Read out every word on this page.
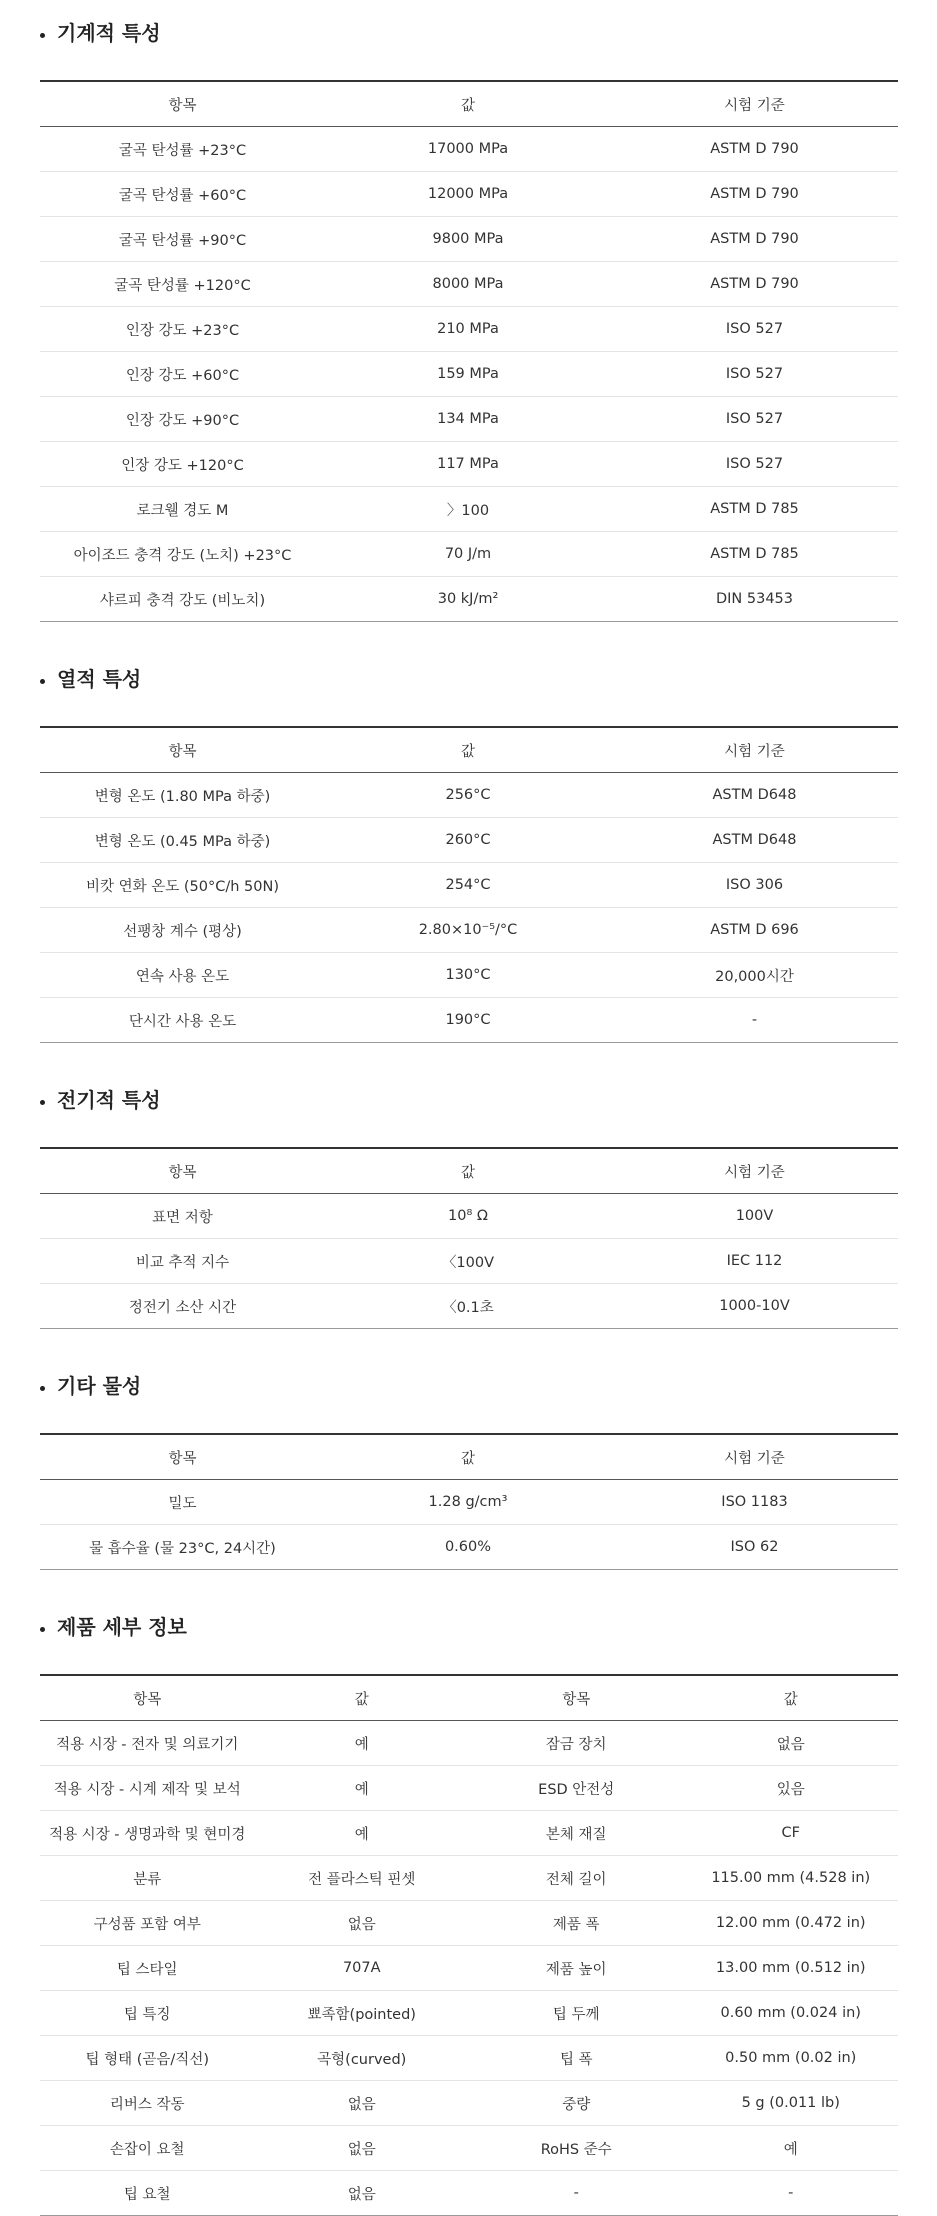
기계적 특성
항목	값	시험 기준
굴곡 탄성률 +23°C	17000 MPa	ASTM D 790
굴곡 탄성률 +60°C	12000 MPa	ASTM D 790
굴곡 탄성률 +90°C	9800 MPa	ASTM D 790
굴곡 탄성률 +120°C	8000 MPa	ASTM D 790
인장 강도 +23°C	210 MPa	ISO 527
인장 강도 +60°C	159 MPa	ISO 527
인장 강도 +90°C	134 MPa	ISO 527
인장 강도 +120°C	117 MPa	ISO 527
로크웰 경도 M	〉100	ASTM D 785
아이조드 충격 강도 (노치) +23°C	70 J/m	ASTM D 785
샤르피 충격 강도 (비노치)	30 kJ/m²	DIN 53453
열적 특성
항목	값	시험 기준
변형 온도 (1.80 MPa 하중)	256°C	ASTM D648
변형 온도 (0.45 MPa 하중)	260°C	ASTM D648
비캇 연화 온도 (50°C/h 50N)	254°C	ISO 306
선팽창 계수 (평상)	2.80×10⁻⁵/°C	ASTM D 696
연속 사용 온도	130°C	20,000시간
단시간 사용 온도	190°C	-
전기적 특성
항목	값	시험 기준
표면 저항	10⁸ Ω	100V
비교 추적 지수	〈100V	IEC 112
정전기 소산 시간	〈0.1초	1000-10V
기타 물성
항목	값	시험 기준
밀도	1.28 g/cm³	ISO 1183
물 흡수율 (물 23°C, 24시간)	0.60%	ISO 62
제품 세부 정보
항목	값	항목	값
적용 시장 - 전자 및 의료기기	예	잠금 장치	없음
적용 시장 - 시계 제작 및 보석	예	ESD 안전성	있음
적용 시장 - 생명과학 및 현미경	예	본체 재질	CF
분류	전 플라스틱 핀셋	전체 길이	115.00 mm (4.528 in)
구성품 포함 여부	없음	제품 폭	12.00 mm (0.472 in)
팁 스타일	707A	제품 높이	13.00 mm (0.512 in)
팁 특징	뾰족함(pointed)	팁 두께	0.60 mm (0.024 in)
팁 형태 (곧음/직선)	곡형(curved)	팁 폭	0.50 mm (0.02 in)
리버스 작동	없음	중량	5 g (0.011 lb)
손잡이 요철	없음	RoHS 준수	예
팁 요철	없음	-	-
